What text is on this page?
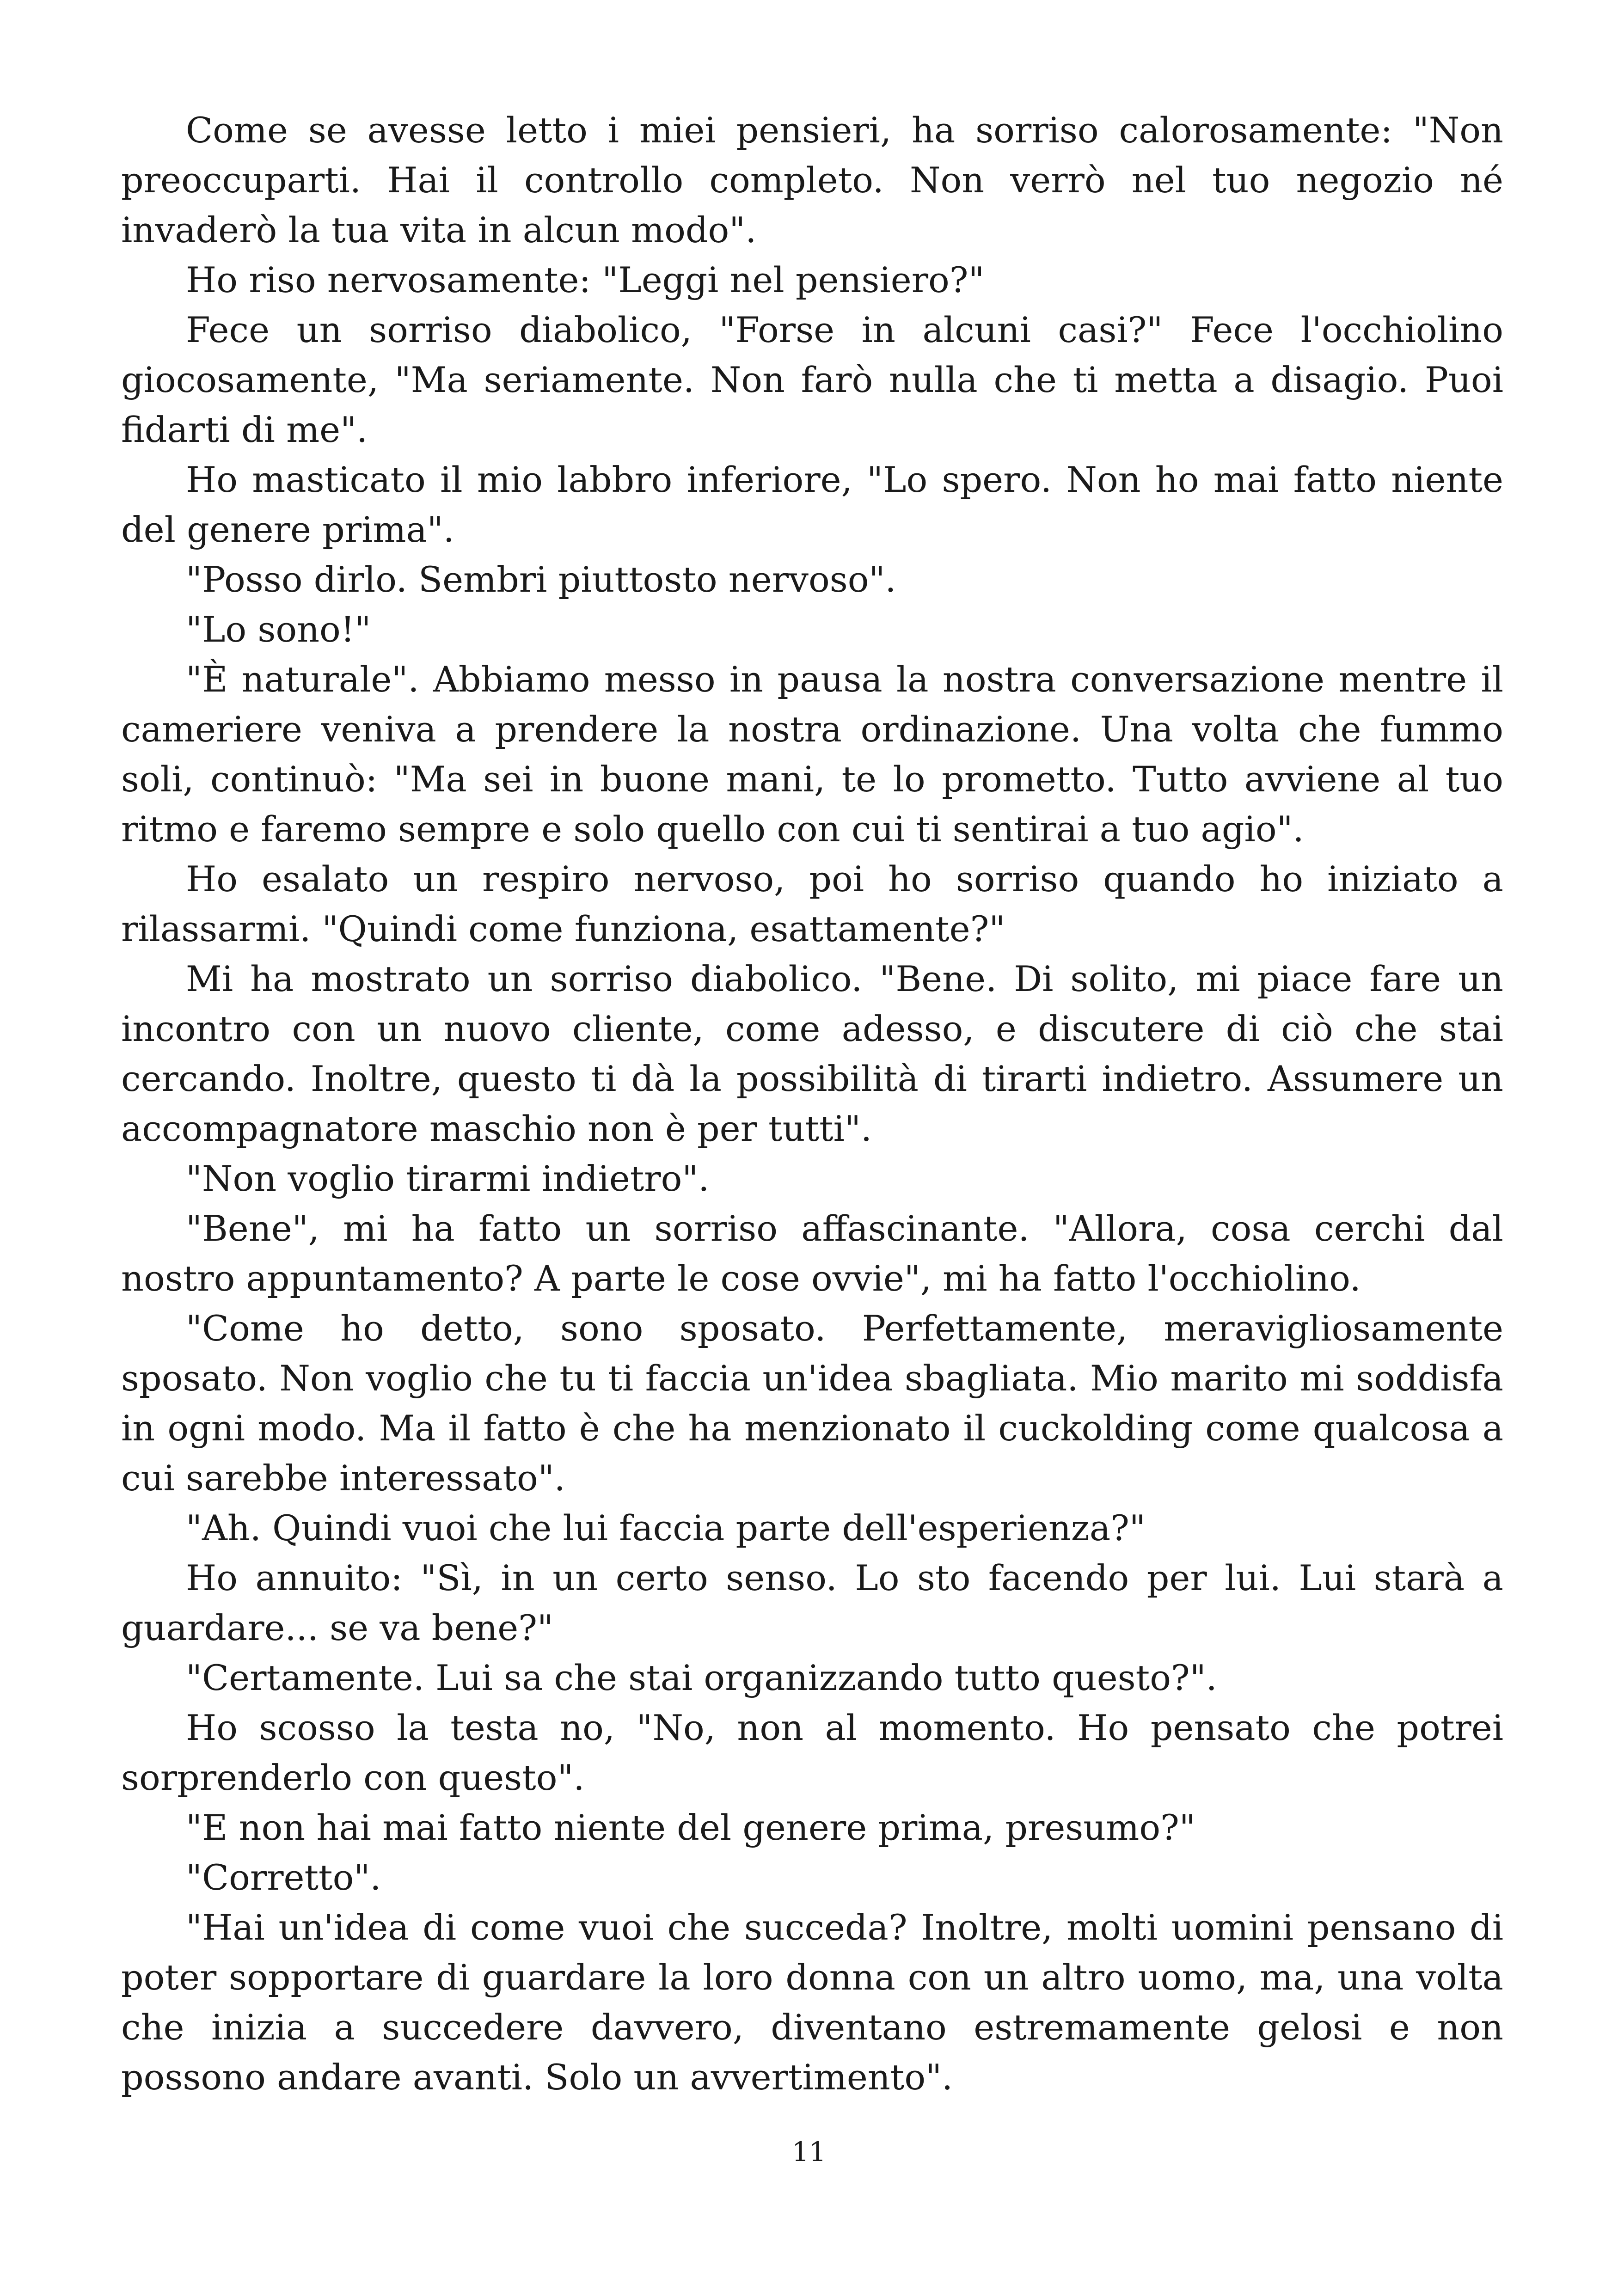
Come se avesse letto i miei pensieri, ha sorriso calorosamente: "Non preoccuparti. Hai il controllo completo. Non verrò nel tuo negozio né invaderò la tua vita in alcun modo".

Ho riso nervosamente: "Leggi nel pensiero?"

Fece un sorriso diabolico, "Forse in alcuni casi?" Fece l'occhiolino giocosamente, "Ma seriamente. Non farò nulla che ti metta a disagio. Puoi fidarti di me".

Ho masticato il mio labbro inferiore, "Lo spero. Non ho mai fatto niente del genere prima".

"Posso dirlo. Sembri piuttosto nervoso".

"Lo sono!"

"È naturale". Abbiamo messo in pausa la nostra conversazione mentre il cameriere veniva a prendere la nostra ordinazione. Una volta che fummo soli, continuò: "Ma sei in buone mani, te lo prometto. Tutto avviene al tuo ritmo e faremo sempre e solo quello con cui ti sentirai a tuo agio".

Ho esalato un respiro nervoso, poi ho sorriso quando ho iniziato a rilassarmi. "Quindi come funziona, esattamente?"

Mi ha mostrato un sorriso diabolico. "Bene. Di solito, mi piace fare un incontro con un nuovo cliente, come adesso, e discutere di ciò che stai cercando. Inoltre, questo ti dà la possibilità di tirarti indietro. Assumere un accompagnatore maschio non è per tutti".

"Non voglio tirarmi indietro".

"Bene", mi ha fatto un sorriso affascinante. "Allora, cosa cerchi dal nostro appuntamento? A parte le cose ovvie", mi ha fatto l'occhiolino.

"Come ho detto, sono sposato. Perfettamente, meravigliosamente sposato. Non voglio che tu ti faccia un'idea sbagliata. Mio marito mi soddisfa in ogni modo. Ma il fatto è che ha menzionato il cuckolding come qualcosa a cui sarebbe interessato".

"Ah. Quindi vuoi che lui faccia parte dell'esperienza?"

Ho annuito: "Sì, in un certo senso. Lo sto facendo per lui. Lui starà a guardare... se va bene?"

"Certamente. Lui sa che stai organizzando tutto questo?".

Ho scosso la testa no, "No, non al momento. Ho pensato che potrei sorprenderlo con questo".

"E non hai mai fatto niente del genere prima, presumo?"

"Corretto".

"Hai un'idea di come vuoi che succeda? Inoltre, molti uomini pensano di poter sopportare di guardare la loro donna con un altro uomo, ma, una volta che inizia a succedere davvero, diventano estremamente gelosi e non possono andare avanti. Solo un avvertimento".

11
